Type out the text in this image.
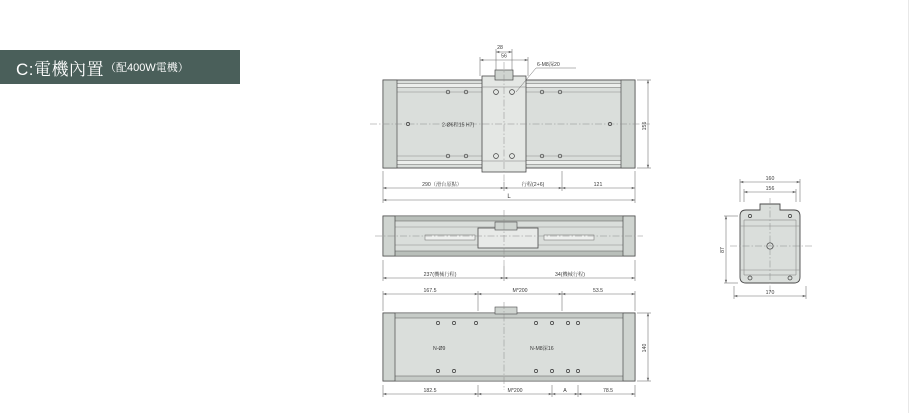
C:電機內置 （配400W電機）
28
56
6-M8深20
2-Ø6程15 H7)	156
290（滑台原點）	行程(2+6)	121
L
237(機械行程)	34(機械行程)
167.5	M*200	53.5
N-Ø9	N-M8深16	140
182.5	M*200	A	78.5
160
156
87
170
